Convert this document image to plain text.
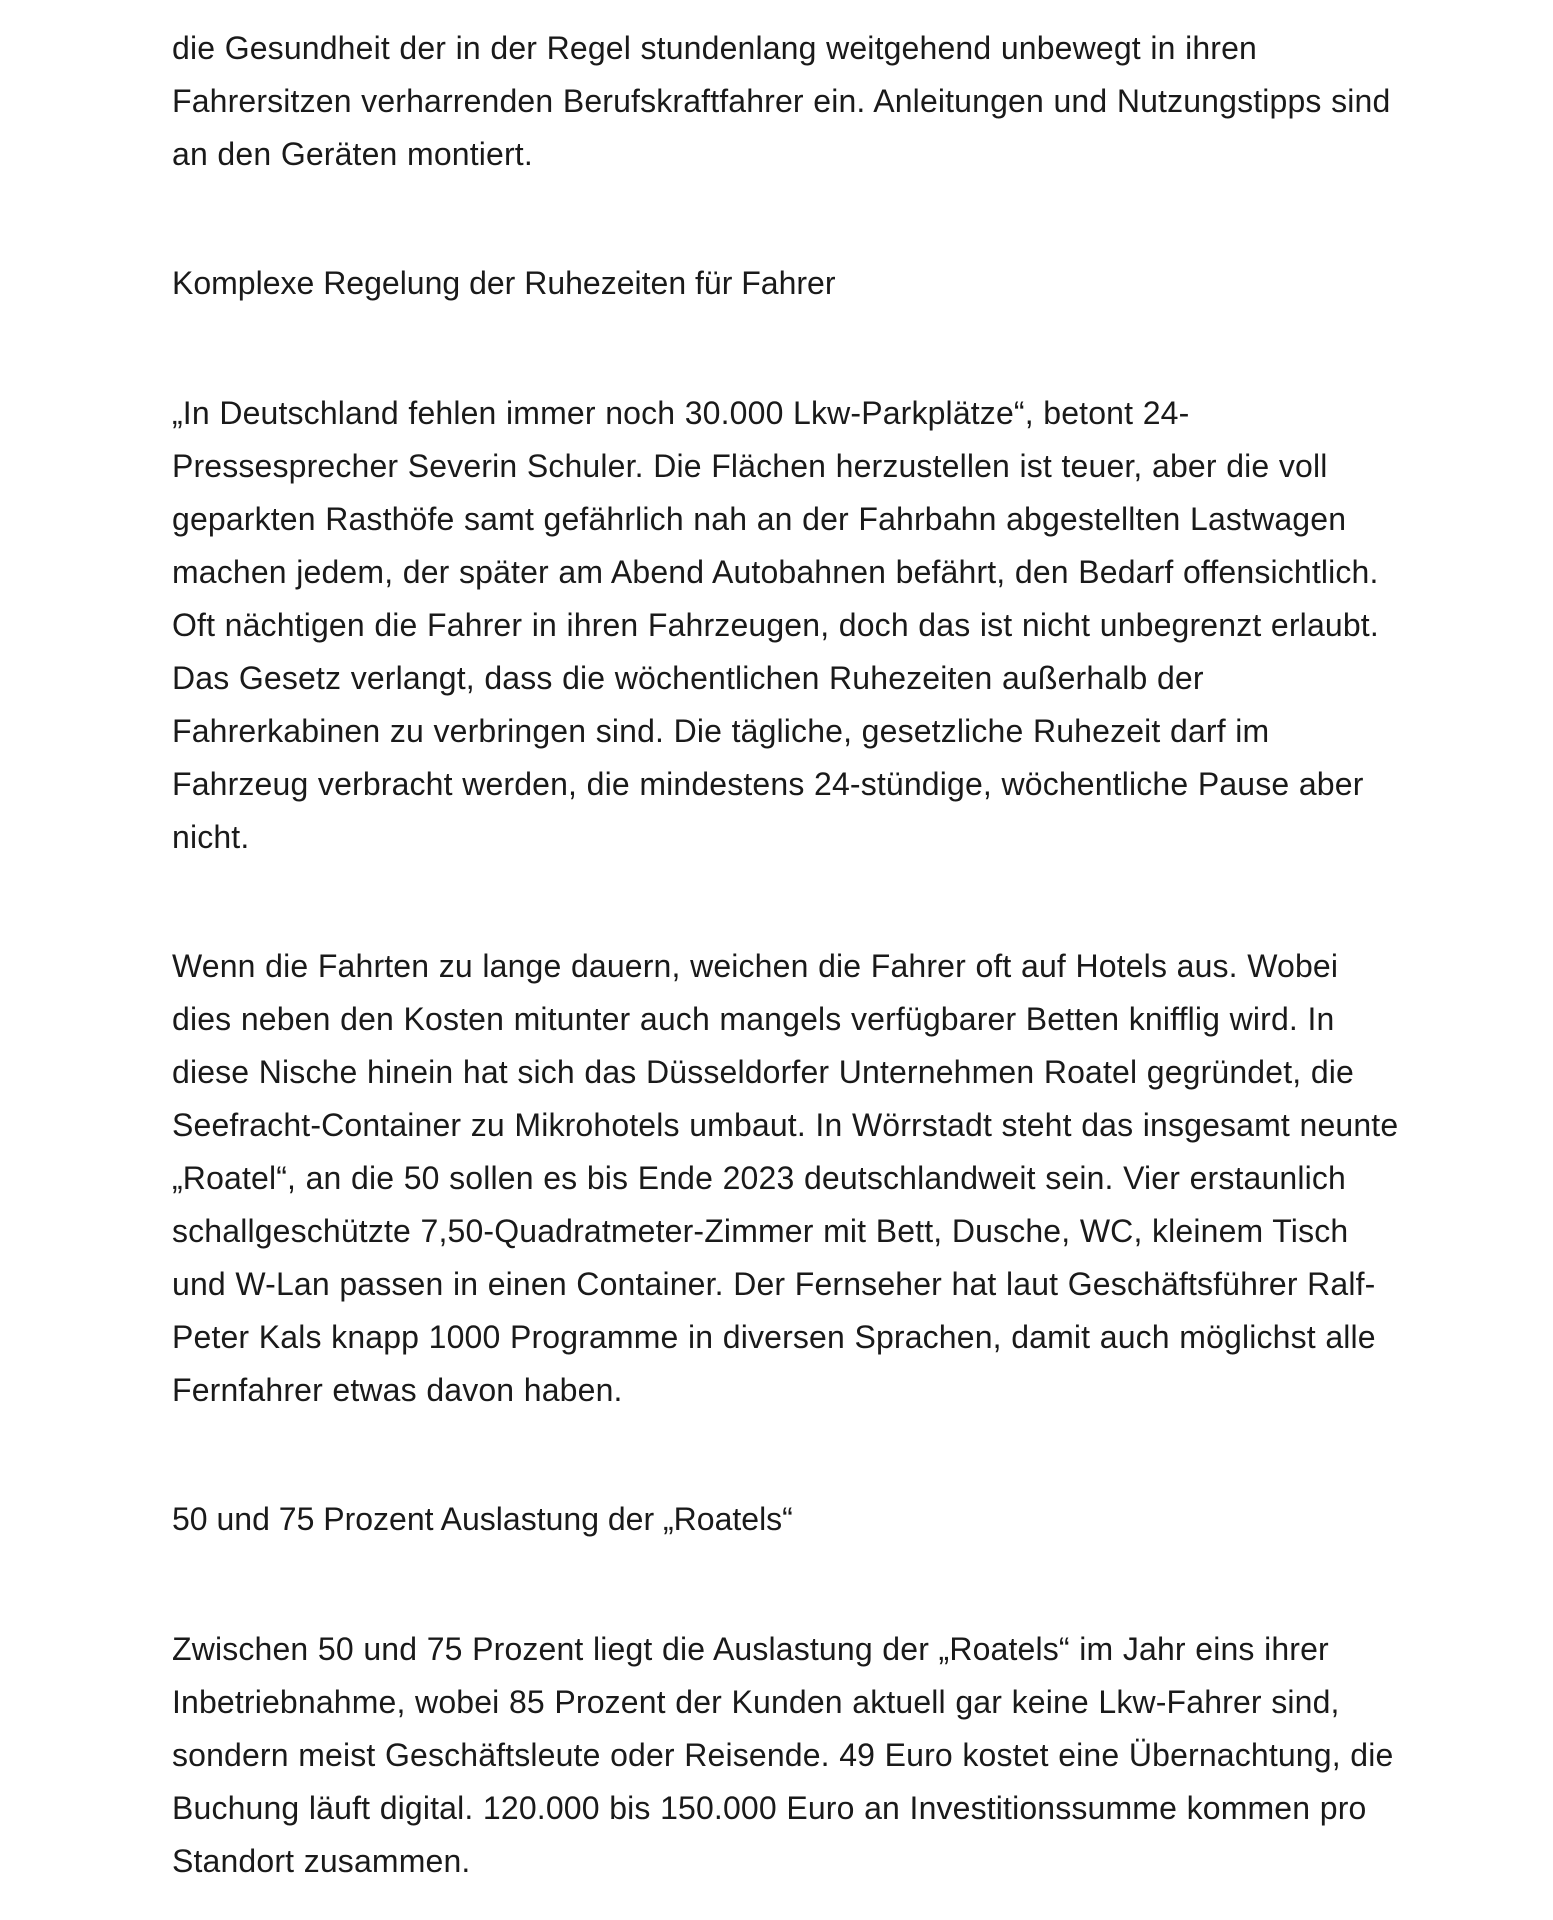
die Gesundheit der in der Regel stundenlang weitgehend unbewegt in ihren Fahrersitzen verharrenden Berufskraftfahrer ein. Anleitungen und Nutzungstipps sind an den Geräten montiert.

Komplexe Regelung der Ruhezeiten für Fahrer

„In Deutschland fehlen immer noch 30.000 Lkw-Parkplätze“, betont 24-Pressesprecher Severin Schuler. Die Flächen herzustellen ist teuer, aber die voll geparkten Rasthöfe samt gefährlich nah an der Fahrbahn abgestellten Lastwagen machen jedem, der später am Abend Autobahnen befährt, den Bedarf offensichtlich. Oft nächtigen die Fahrer in ihren Fahrzeugen, doch das ist nicht unbegrenzt erlaubt. Das Gesetz verlangt, dass die wöchentlichen Ruhezeiten außerhalb der Fahrerkabinen zu verbringen sind. Die tägliche, gesetzliche Ruhezeit darf im Fahrzeug verbracht werden, die mindestens 24-stündige, wöchentliche Pause aber nicht.

Wenn die Fahrten zu lange dauern, weichen die Fahrer oft auf Hotels aus. Wobei dies neben den Kosten mitunter auch mangels verfügbarer Betten knifflig wird. In diese Nische hinein hat sich das Düsseldorfer Unternehmen Roatel gegründet, die Seefracht-Container zu Mikrohotels umbaut. In Wörrstadt steht das insgesamt neunte „Roatel“, an die 50 sollen es bis Ende 2023 deutschlandweit sein. Vier erstaunlich schallgeschützte 7,50-Quadratmeter-Zimmer mit Bett, Dusche, WC, kleinem Tisch und W-Lan passen in einen Container. Der Fernseher hat laut Geschäftsführer Ralf-Peter Kals knapp 1000 Programme in diversen Sprachen, damit auch möglichst alle Fernfahrer etwas davon haben.

50 und 75 Prozent Auslastung der „Roatels“

Zwischen 50 und 75 Prozent liegt die Auslastung der „Roatels“ im Jahr eins ihrer Inbetriebnahme, wobei 85 Prozent der Kunden aktuell gar keine Lkw-Fahrer sind, sondern meist Geschäftsleute oder Reisende. 49 Euro kostet eine Übernachtung, die Buchung läuft digital. 120.000 bis 150.000 Euro an Investitionssumme kommen pro Standort zusammen.
